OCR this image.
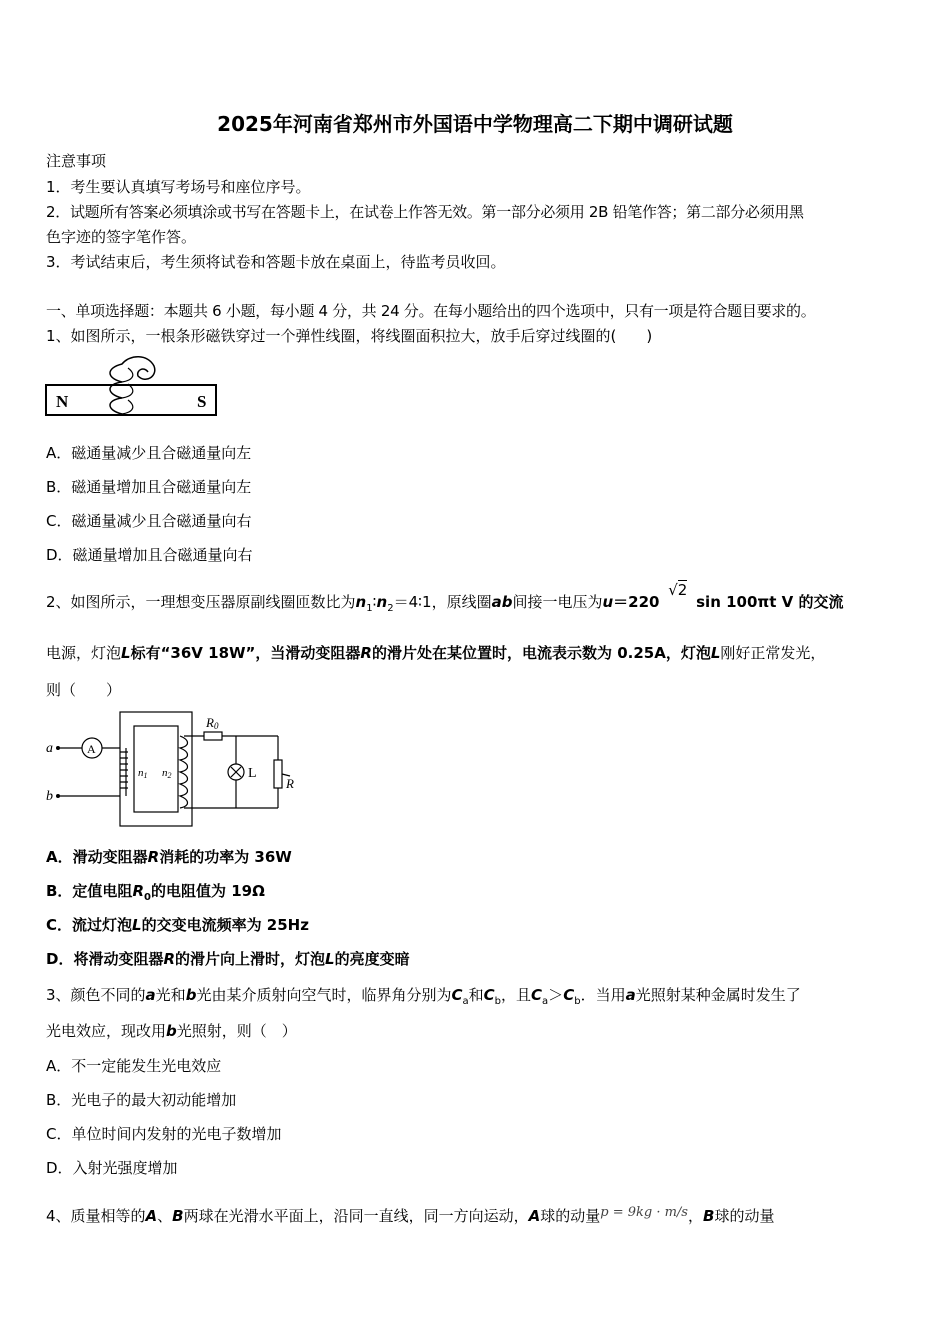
2025年河南省郑州市外国语中学物理高二下期中调研试题
注意事项
1．考生要认真填写考场号和座位序号。
2．试题所有答案必须填涂或书写在答题卡上，在试卷上作答无效。第一部分必须用 2B 铅笔作答；第二部分必须用黑
色字迹的签字笔作答。
3．考试结束后，考生须将试卷和答题卡放在桌面上，待监考员收回。
一、单项选择题：本题共 6 小题，每小题 4 分，共 24 分。在每小题给出的四个选项中，只有一项是符合题目要求的。
1、如图所示，一根条形磁铁穿过一个弹性线圈，将线圈面积拉大，放手后穿过线圈的(　　)
N	S
A．磁通量减少且合磁通量向左
B．磁通量增加且合磁通量向左
C．磁通量减少且合磁通量向右
D．磁通量增加且合磁通量向右
2、如图所示，一理想变压器原副线圈匝数比为$n_1∶n_2=4∶1$，原线圈ab间接一电压为u＝220 √2 sin 100πt V 的交流
电源，灯泡L标有“36V 18W”，当滑动变阻器R的滑片处在某位置时，电流表示数为 0.25A，灯泡L刚好正常发光，
则（　　）
a
b
A
n1 n2
R0
L
R
A．滑动变阻器R消耗的功率为 36W
B．定值电阻$R_0$的电阻值为 19Ω
C．流过灯泡L的交变电流频率为 25Hz
D．将滑动变阻器R的滑片向上滑时，灯泡L的亮度变暗
3、颜色不同的a光和b光由某介质射向空气时，临界角分别为$C_a$和$C_b$，且$C_a>C_b$．当用a光照射某种金属时发生了
光电效应，现改用b光照射，则（　）
A．不一定能发生光电效应
B．光电子的最大初动能增加
C．单位时间内发射的光电子数增加
D．入射光强度增加
4、质量相等的A、B两球在光滑水平面上，沿同一直线，同一方向运动，A球的动量p = 9kg · m/s，B球的动量
